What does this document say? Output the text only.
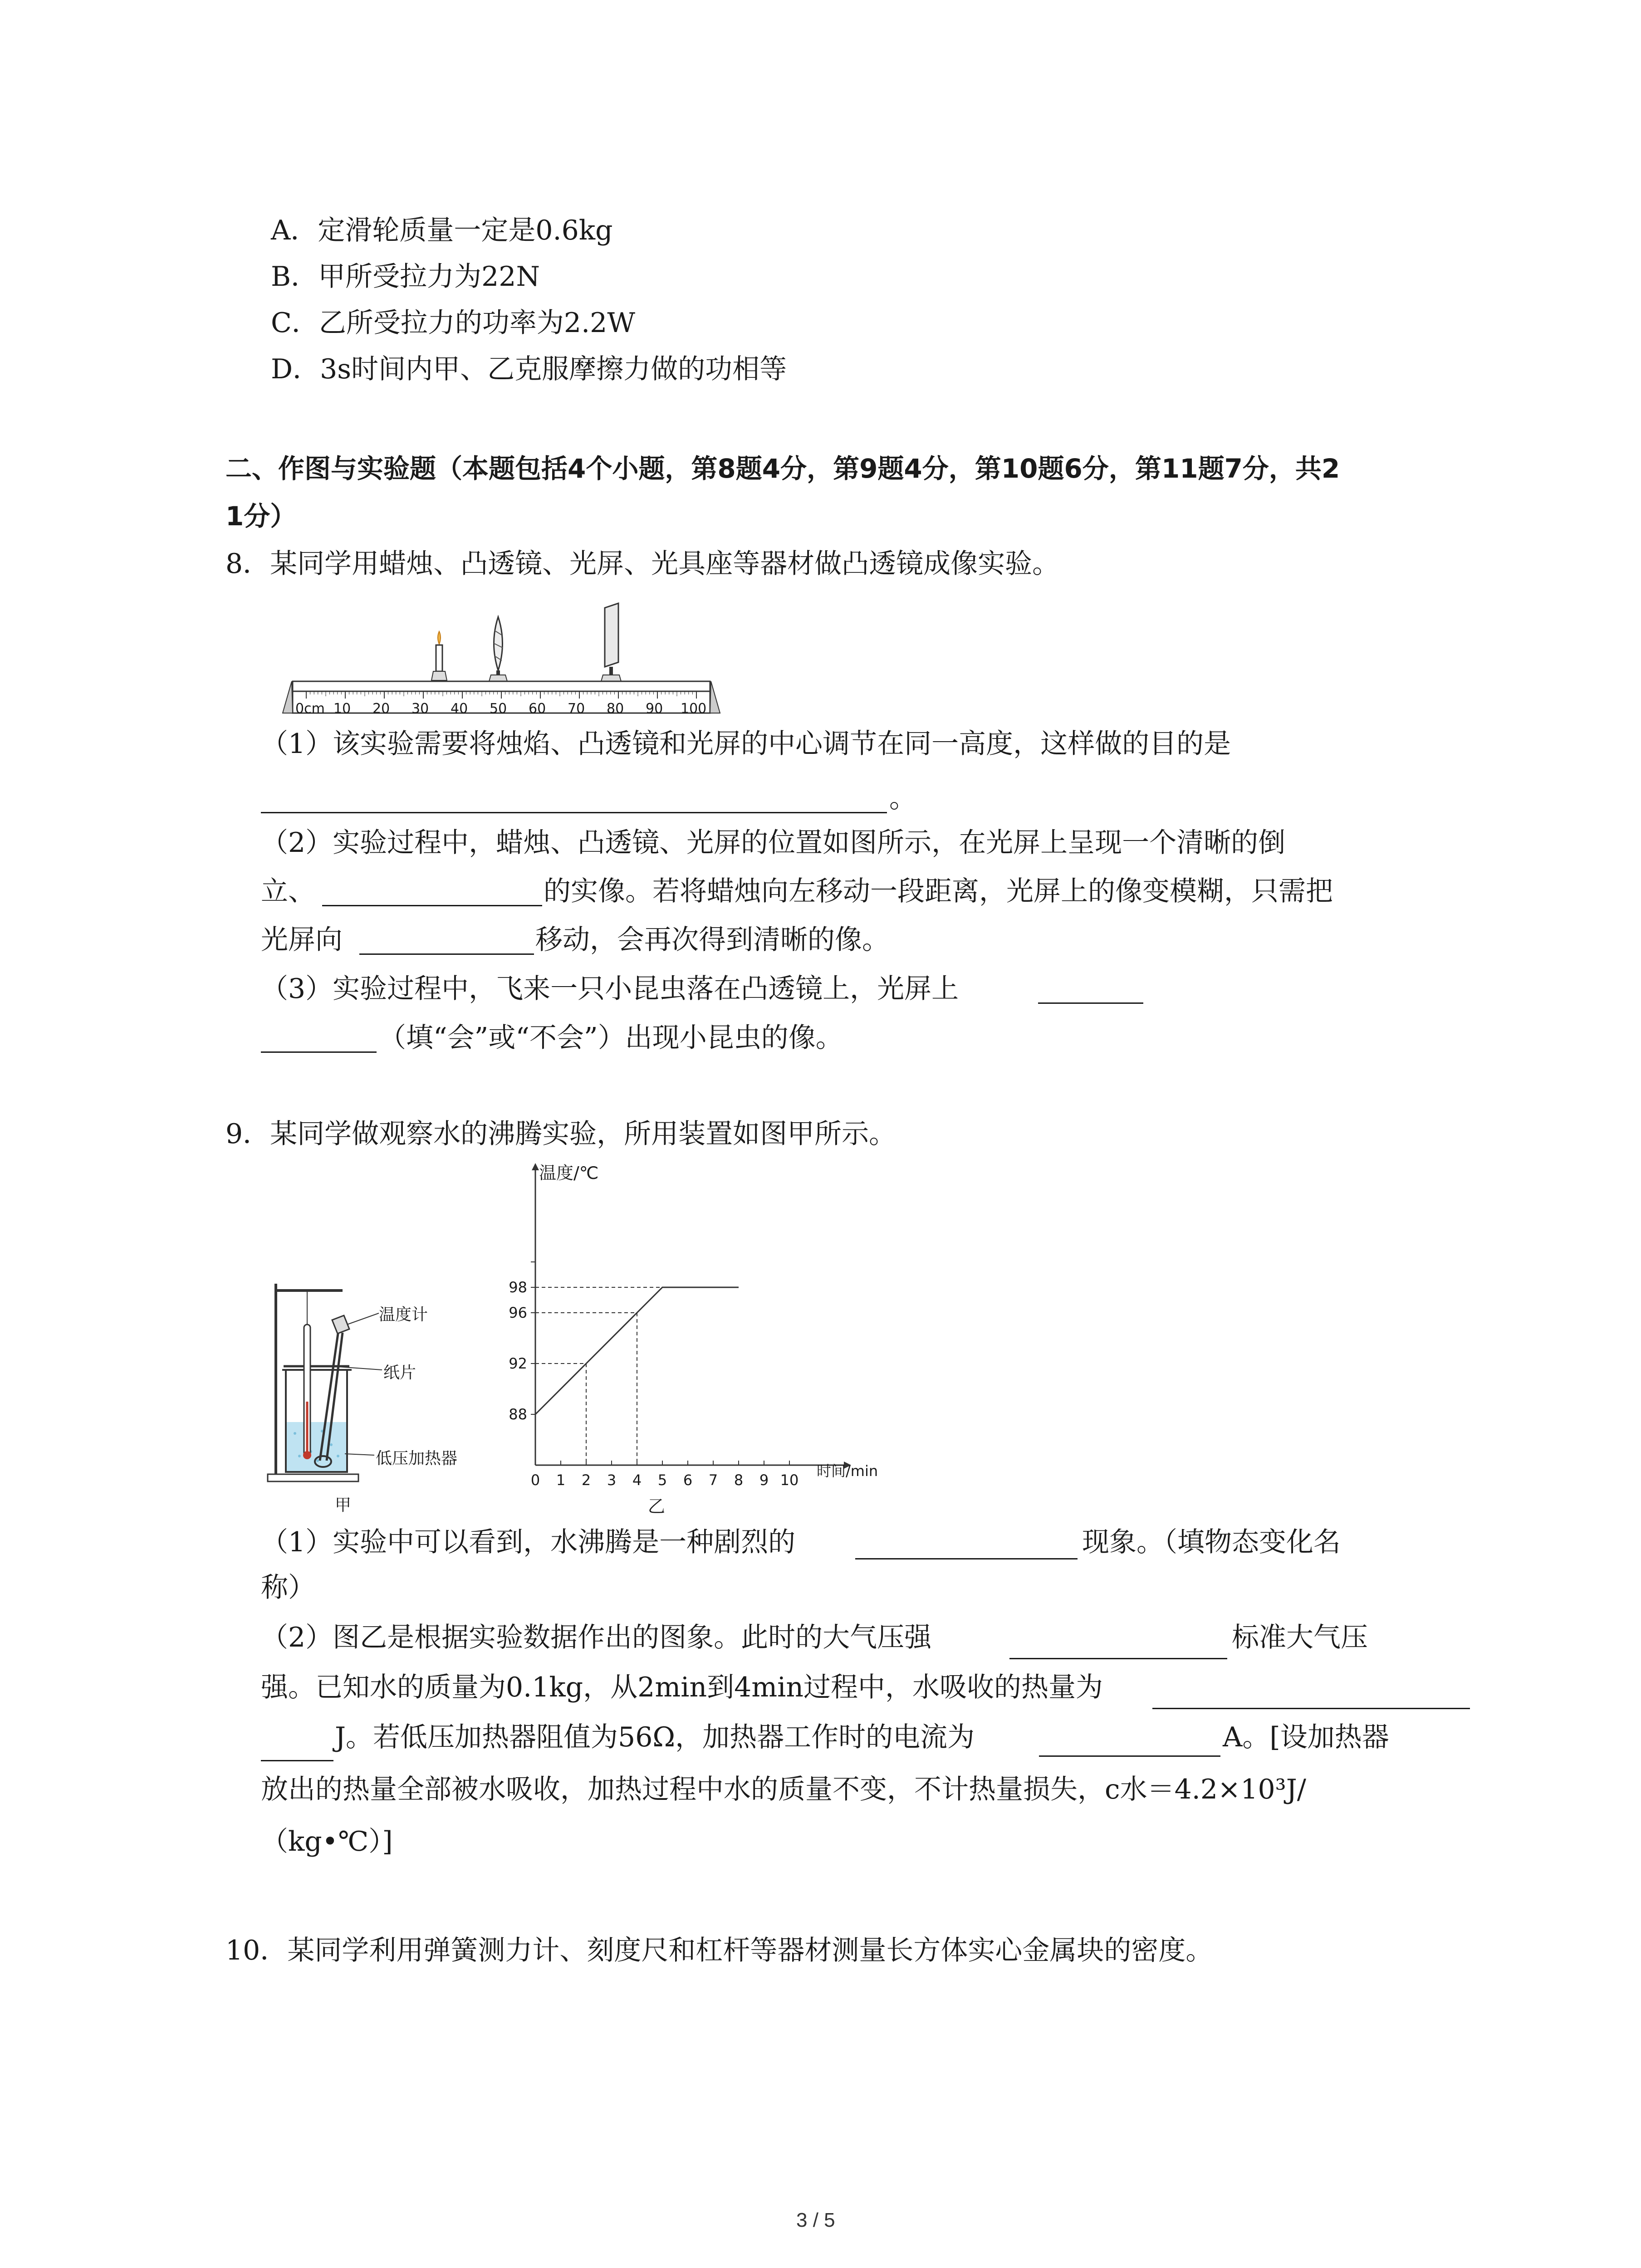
A．定滑轮质量一定是0.6kg
B．甲所受拉力为22N
C．乙所受拉力的功率为2.2W
D．3s时间内甲、乙克服摩擦力做的功相等
二、作图与实验题（本题包括4个小题，第8题4分，第9题4分，第10题6分，第11题7分，共2
1分）
8．某同学用蜡烛、凸透镜、光屏、光具座等器材做凸透镜成像实验。
0cm 10 20 30 40 50 60 70 80 90 100
（1）该实验需要将烛焰、凸透镜和光屏的中心调节在同一高度，这样做的目的是
。
（2）实验过程中，蜡烛、凸透镜、光屏的位置如图所示，在光屏上呈现一个清晰的倒
立、	的实像。若将蜡烛向左移动一段距离，光屏上的像变模糊，只需把
光屏向	移动，会再次得到清晰的像。
（3）实验过程中，飞来一只小昆虫落在凸透镜上，光屏上
（填“会”或“不会”）出现小昆虫的像。
9．某同学做观察水的沸腾实验，所用装置如图甲所示。
温度计
纸片
低压加热器
甲
0 1 2 3 4 5 6 7 8 9 10
88
92
96
98
温度/℃
时间/min
乙
（1）实验中可以看到，水沸腾是一种剧烈的	现象。（填物态变化名
称）
（2）图乙是根据实验数据作出的图象。此时的大气压强	标准大气压
强。已知水的质量为0.1kg，从2min到4min过程中，水吸收的热量为
J。若低压加热器阻值为56Ω，加热器工作时的电流为	A。[设加热器
放出的热量全部被水吸收，加热过程中水的质量不变，不计热量损失，c水＝4.2×10³J/
（kg•℃）]
10．某同学利用弹簧测力计、刻度尺和杠杆等器材测量长方体实心金属块的密度。
3 / 5
